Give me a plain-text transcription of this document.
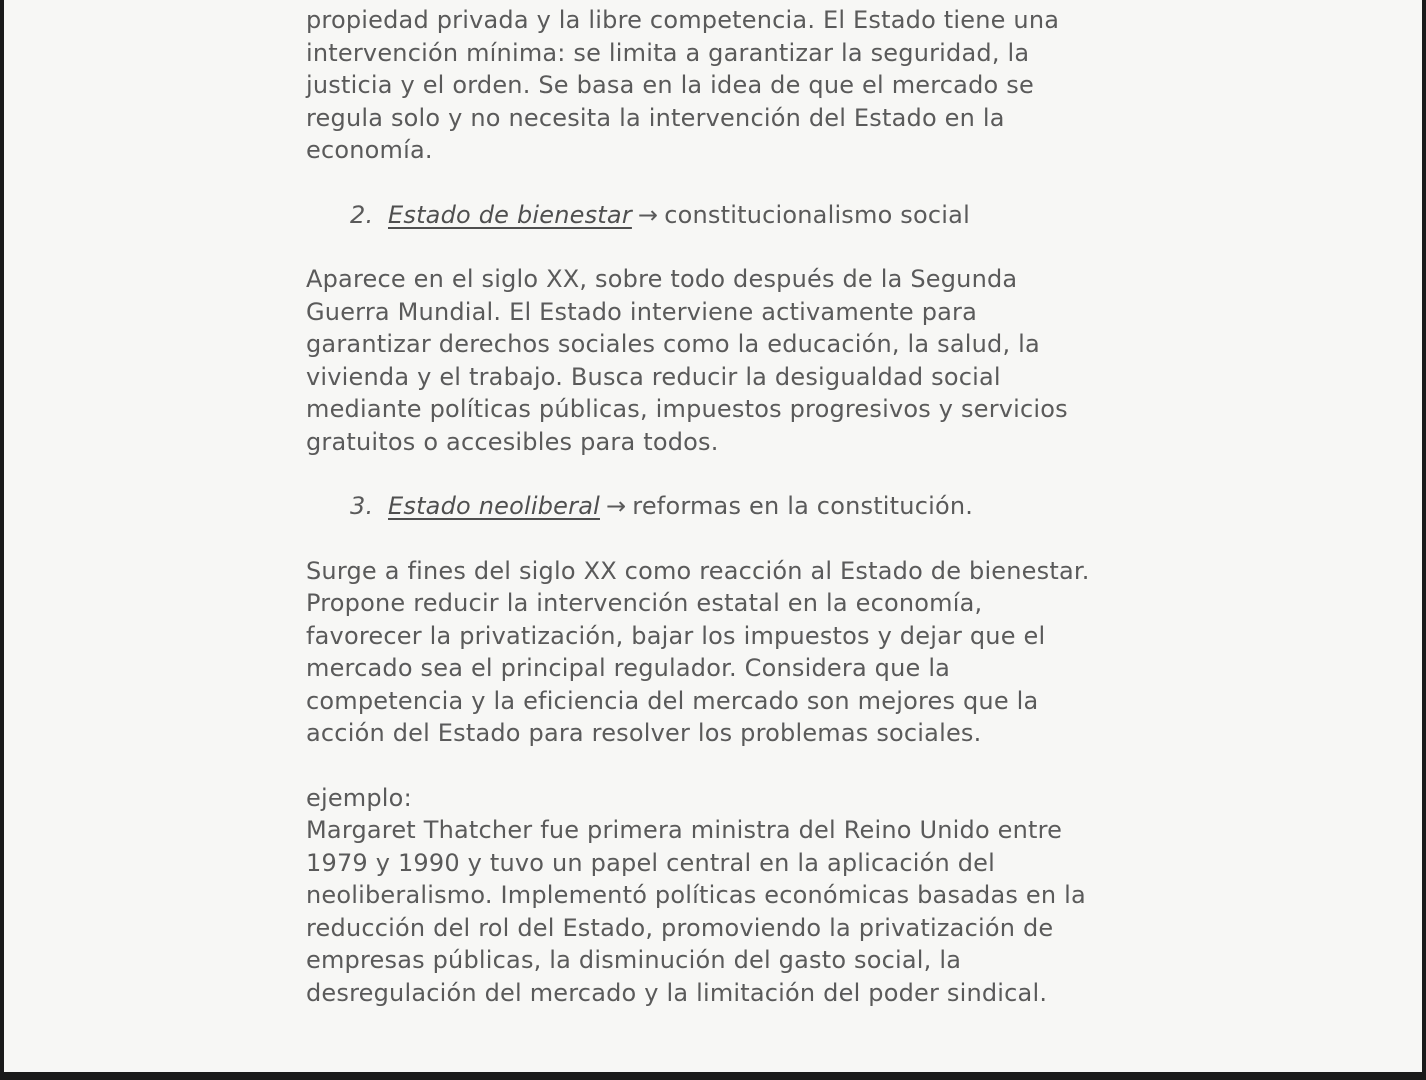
propiedad privada y la libre competencia. El Estado tiene una
intervención mínima: se limita a garantizar la seguridad, la
justicia y el orden. Se basa en la idea de que el mercado se
regula solo y no necesita la intervención del Estado en la
economía.

2. Estado de bienestar → constitucionalismo social

Aparece en el siglo XX, sobre todo después de la Segunda
Guerra Mundial. El Estado interviene activamente para
garantizar derechos sociales como la educación, la salud, la
vivienda y el trabajo. Busca reducir la desigualdad social
mediante políticas públicas, impuestos progresivos y servicios
gratuitos o accesibles para todos.

3. Estado neoliberal → reformas en la constitución.

Surge a fines del siglo XX como reacción al Estado de bienestar.
Propone reducir la intervención estatal en la economía,
favorecer la privatización, bajar los impuestos y dejar que el
mercado sea el principal regulador. Considera que la
competencia y la eficiencia del mercado son mejores que la
acción del Estado para resolver los problemas sociales.

ejemplo:

Margaret Thatcher fue primera ministra del Reino Unido entre
1979 y 1990 y tuvo un papel central en la aplicación del
neoliberalismo. Implementó políticas económicas basadas en la
reducción del rol del Estado, promoviendo la privatización de
empresas públicas, la disminución del gasto social, la
desregulación del mercado y la limitación del poder sindical.
